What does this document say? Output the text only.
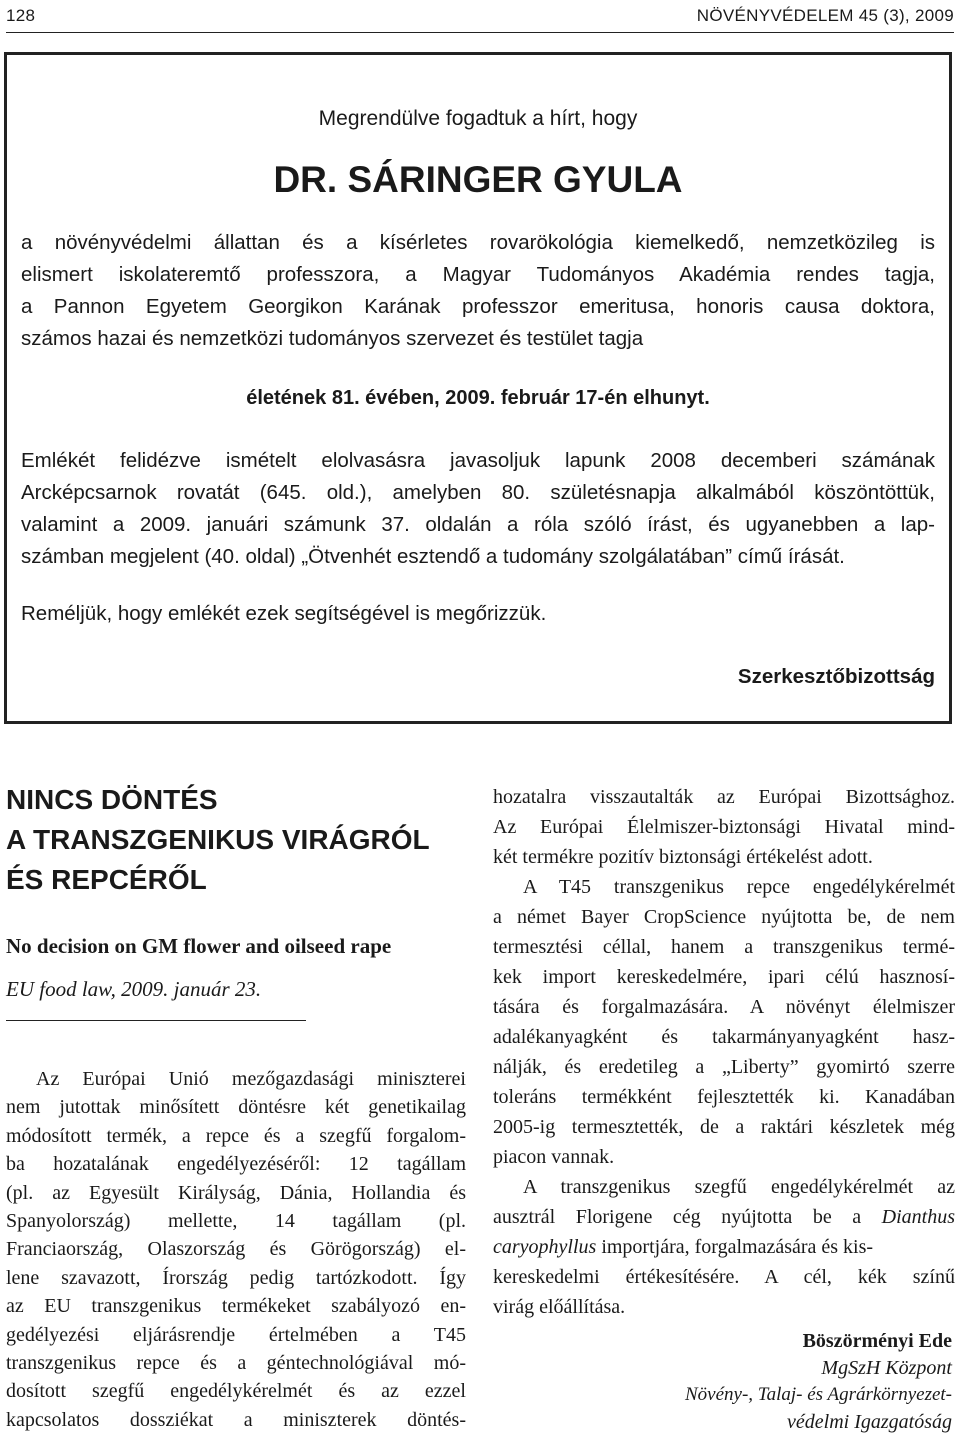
128	NÖVÉNYVÉDELEM 45 (3), 2009
Megrendülve fogadtuk a hírt, hogy
DR. SÁRINGER GYULA
a növényvédelmi állattan és a kísérletes rovarökológia kiemelkedő, nemzetközileg is
elismert iskolateremtő professzora, a Magyar Tudományos Akadémia rendes tagja,
a Pannon Egyetem Georgikon Karának professzor emeritusa, honoris causa doktora,
számos hazai és nemzetközi tudományos szervezet és testület tagja
életének 81. évében, 2009. február 17-én elhunyt.
Emlékét felidézve ismételt elolvasásra javasoljuk lapunk 2008 decemberi számának
Arcképcsarnok rovatát (645. old.), amelyben 80. születésnapja alkalmából köszöntöttük,
valamint a 2009. januári számunk 37. oldalán a róla szóló írást, és ugyanebben a lap-
számban megjelent (40. oldal) „Ötvenhét esztendő a tudomány szolgálatában” című írását.
Reméljük, hogy emlékét ezek segítségével is megőrizzük.
Szerkesztőbizottság
NINCS DÖNTÉS
A TRANSZGENIKUS VIRÁGRÓL
ÉS REPCÉRŐL
No decision on GM flower and oilseed rape
EU food law, 2009. január 23.
Az Európai Unió mezőgazdasági miniszterei
nem jutottak minősített döntésre két genetikailag
módosított termék, a repce és a szegfű forgalom-
ba hozatalának engedélyezéséről: 12 tagállam
(pl. az Egyesült Királyság, Dánia, Hollandia és
Spanyolország) mellette, 14 tagállam (pl.
Franciaország, Olaszország és Görögország) el-
lene szavazott, Írország pedig tartózkodott. Így
az EU transzgenikus termékeket szabályozó en-
gedélyezési eljárásrendje értelmében a T45
transzgenikus repce és a géntechnológiával mó-
dosított szegfű engedélykérelmét és az ezzel
kapcsolatos dossziékat a miniszterek döntés-
hozatalra visszautalták az Európai Bizottsághoz.
Az Európai Élelmiszer-biztonsági Hivatal mind-
két termékre pozitív biztonsági értékelést adott.
A T45 transzgenikus repce engedélykérelmét
a német Bayer CropScience nyújtotta be, de nem
termesztési céllal, hanem a transzgenikus termé-
kek import kereskedelmére, ipari célú hasznosí-
tására és forgalmazására. A növényt élelmiszer
adalékanyagként és takarmányanyagként hasz-
nálják, és eredetileg a „Liberty” gyomirtó szerre
toleráns termékként fejlesztették ki. Kanadában
2005-ig termesztették, de a raktári készletek még
piacon vannak.
A transzgenikus szegfű engedélykérelmét az
ausztrál Florigene cég nyújtotta be a Dianthus
caryophyllus importjára, forgalmazására és kis-
kereskedelmi értékesítésére. A cél, kék színű
virág előállítása.
Böszörményi Ede
MgSzH Központ
Növény-, Talaj- és Agrárkörnyezet-
védelmi Igazgatóság
